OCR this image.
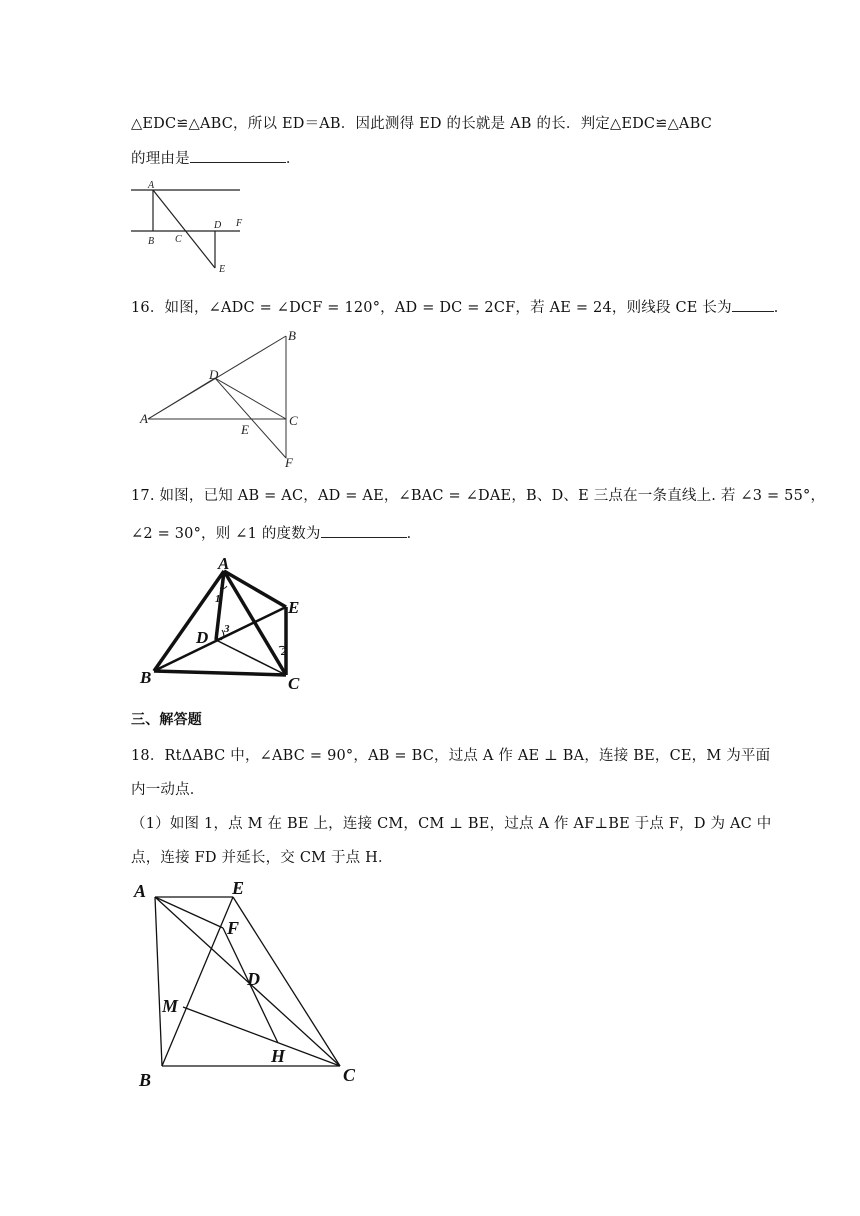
△EDC≌△ABC，所以 ED＝AB．因此测得 ED 的长就是 AB 的长．判定△EDC≌△ABC
的理由是	．
A
B C
D F
E
16．如图，∠ADC = ∠DCF = 120°，AD = DC = 2CF，若 AE = 24，则线段 CE 长为	．
B
D
A	C
E
F
17. 如图，已知 AB = AC，AD = AE，∠BAC = ∠DAE，B、D、E 三点在一条直线上. 若 ∠3 = 55°，
∠2 = 30°，则 ∠1 的度数为	．
A
E
D
B	C
1
3
2
三、解答题
18．RtΔABC 中，∠ABC = 90°，AB = BC，过点 A 作 AE ⊥ BA，连接 BE，CE，M 为平面
内一动点．
（1）如图 1，点 M 在 BE 上，连接 CM，CM ⊥ BE，过点 A 作 AF⊥BE 于点 F，D 为 AC 中
点，连接 FD 并延长，交 CM 于点 H．
A	E
F
D
M
H
B	C
